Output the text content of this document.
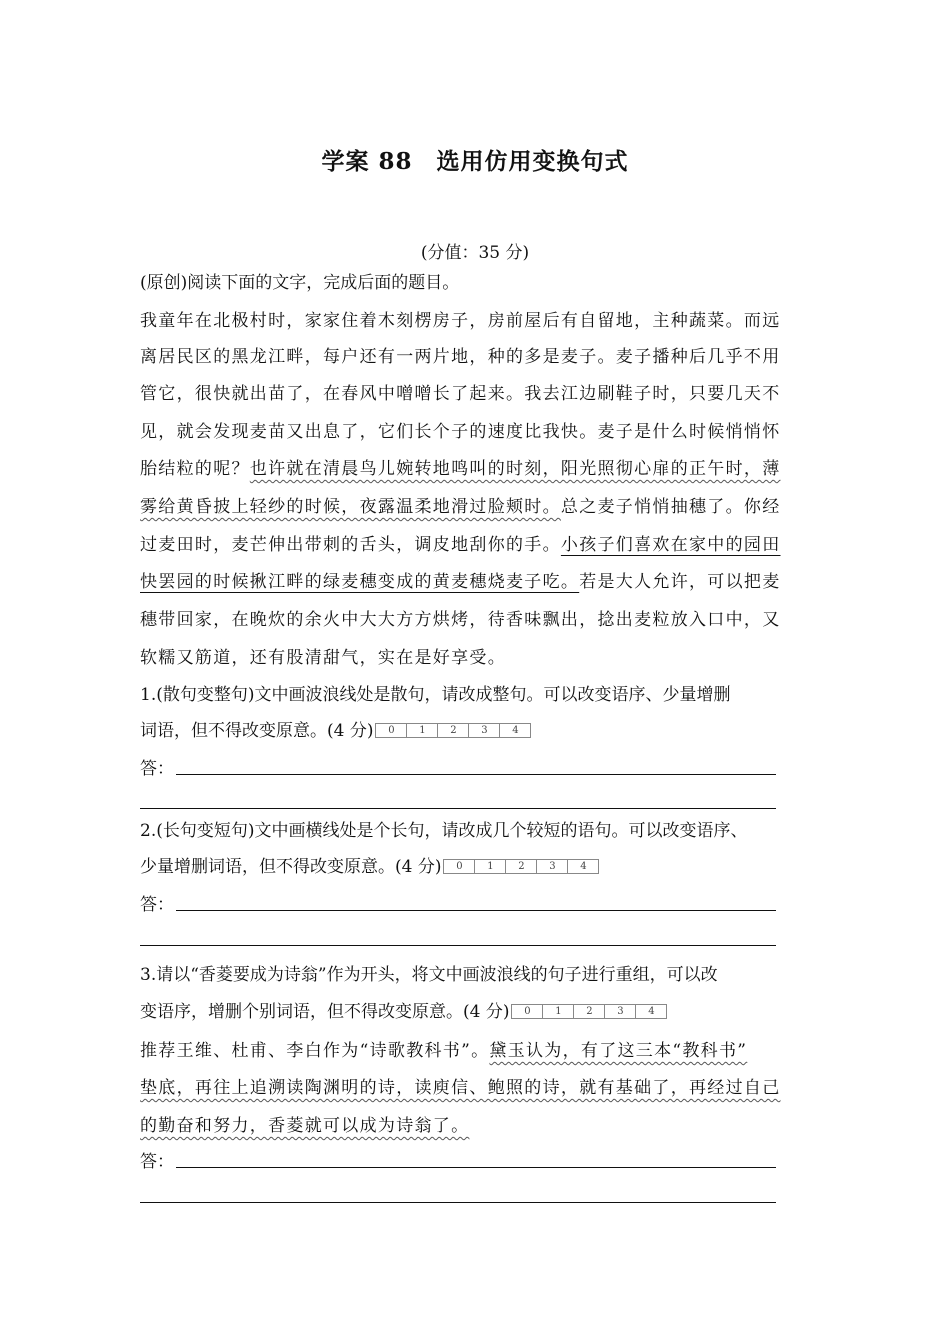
学案 88　选用仿用变换句式
(分值：35 分)
(原创)阅读下面的文字，完成后面的题目。
我童年在北极村时，家家住着木刻楞房子，房前屋后有自留地，主种蔬菜。而远
离居民区的黑龙江畔，每户还有一两片地，种的多是麦子。麦子播种后几乎不用
管它，很快就出苗了，在春风中噌噌长了起来。我去江边刷鞋子时，只要几天不
见，就会发现麦苗又出息了，它们长个子的速度比我快。麦子是什么时候悄悄怀
胎结粒的呢？也许就在清晨鸟儿婉转地鸣叫的时刻，阳光照彻心扉的正午时，薄
雾给黄昏披上轻纱的时候，夜露温柔地滑过脸颊时。总之麦子悄悄抽穗了。你经
过麦田时，麦芒伸出带刺的舌头，调皮地刮你的手。小孩子们喜欢在家中的园田
快罢园的时候揪江畔的绿麦穗变成的黄麦穗烧麦子吃。若是大人允许，可以把麦
穗带回家，在晚炊的余火中大大方方烘烤，待香味飘出，捻出麦粒放入口中，又
软糯又筋道，还有股清甜气，实在是好享受。
1.(散句变整句)文中画波浪线处是散句，请改成整句。可以改变语序、少量增删
词语，但不得改变原意。(4 分)	0	1	2	3	4
答：
2.(长句变短句)文中画横线处是个长句，请改成几个较短的语句。可以改变语序、
少量增删词语，但不得改变原意。(4 分)	0	1	2	3	4
答：
3.请以“香菱要成为诗翁”作为开头，将文中画波浪线的句子进行重组，可以改
变语序，增删个别词语，但不得改变原意。(4 分)	0	1	2	3	4
推荐王维、杜甫、李白作为“诗歌教科书”。黛玉认为，有了这三本“教科书”
垫底，再往上追溯读陶渊明的诗，读庾信、鲍照的诗，就有基础了，再经过自己
的勤奋和努力，香菱就可以成为诗翁了。
答：
